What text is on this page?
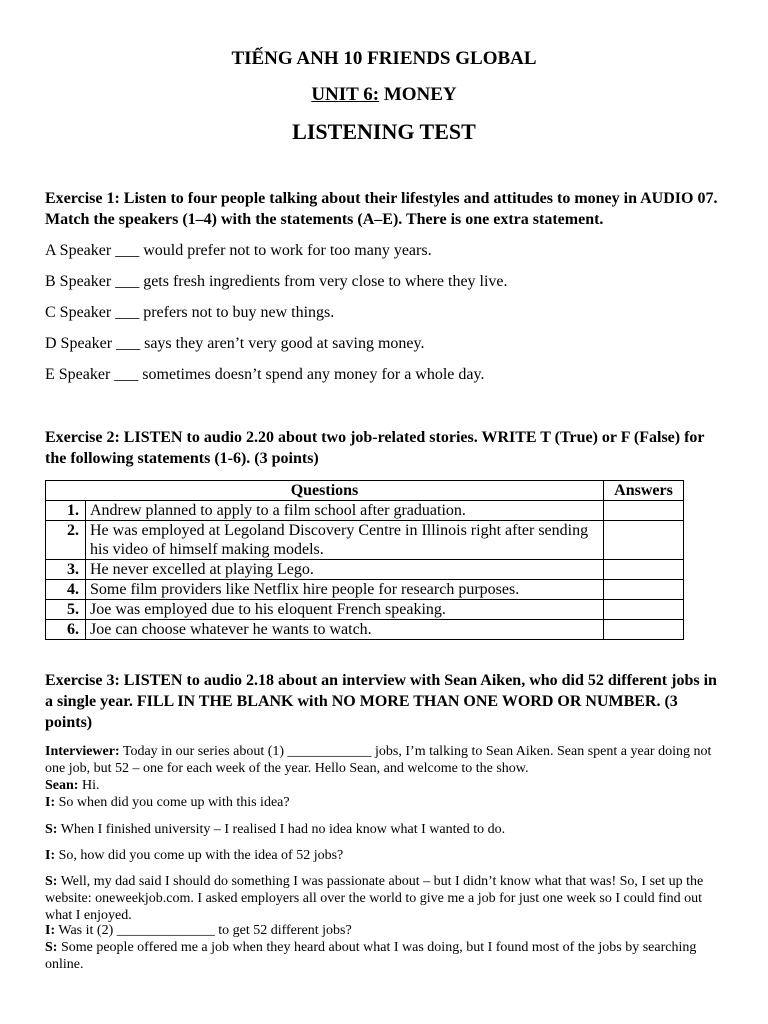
TIẾNG ANH 10 FRIENDS GLOBAL

UNIT 6: MONEY

LISTENING TEST

Exercise 1: Listen to four people talking about their lifestyles and attitudes to money in AUDIO 07. Match the speakers (1–4) with the statements (A–E). There is one extra statement.

A Speaker ___ would prefer not to work for too many years.

B Speaker ___ gets fresh ingredients from very close to where they live.

C Speaker ___ prefers not to buy new things.

D Speaker ___ says they aren’t very good at saving money.

E Speaker ___ sometimes doesn’t spend any money for a whole day.

Exercise 2: LISTEN to audio 2.20 about two job-related stories. WRITE T (True) or F (False) for the following statements (1-6). (3 points)

Questions		Answers
1.	Andrew planned to apply to a film school after graduation.	
2.	He was employed at Legoland Discovery Centre in Illinois right after sending his video of himself making models.	
3.	He never excelled at playing Lego.	
4.	Some film providers like Netflix hire people for research purposes.	
5.	Joe was employed due to his eloquent French speaking.	
6.	Joe can choose whatever he wants to watch.	

Exercise 3: LISTEN to audio 2.18 about an interview with Sean Aiken, who did 52 different jobs in a single year. FILL IN THE BLANK with NO MORE THAN ONE WORD OR NUMBER. (3 points)

Interviewer: Today in our series about (1) ____________ jobs, I’m talking to Sean Aiken. Sean spent a year doing not one job, but 52 – one for each week of the year. Hello Sean, and welcome to the show.

Sean: Hi.

I: So when did you come up with this idea?

S: When I finished university – I realised I had no idea know what I wanted to do.

I: So, how did you come up with the idea of 52 jobs?

S: Well, my dad said I should do something I was passionate about – but I didn’t know what that was! So, I set up the website: oneweekjob.com. I asked employers all over the world to give me a job for just one week so I could find out what I enjoyed.

I: Was it (2) ______________ to get 52 different jobs?

S: Some people offered me a job when they heard about what I was doing, but I found most of the jobs by searching online.
